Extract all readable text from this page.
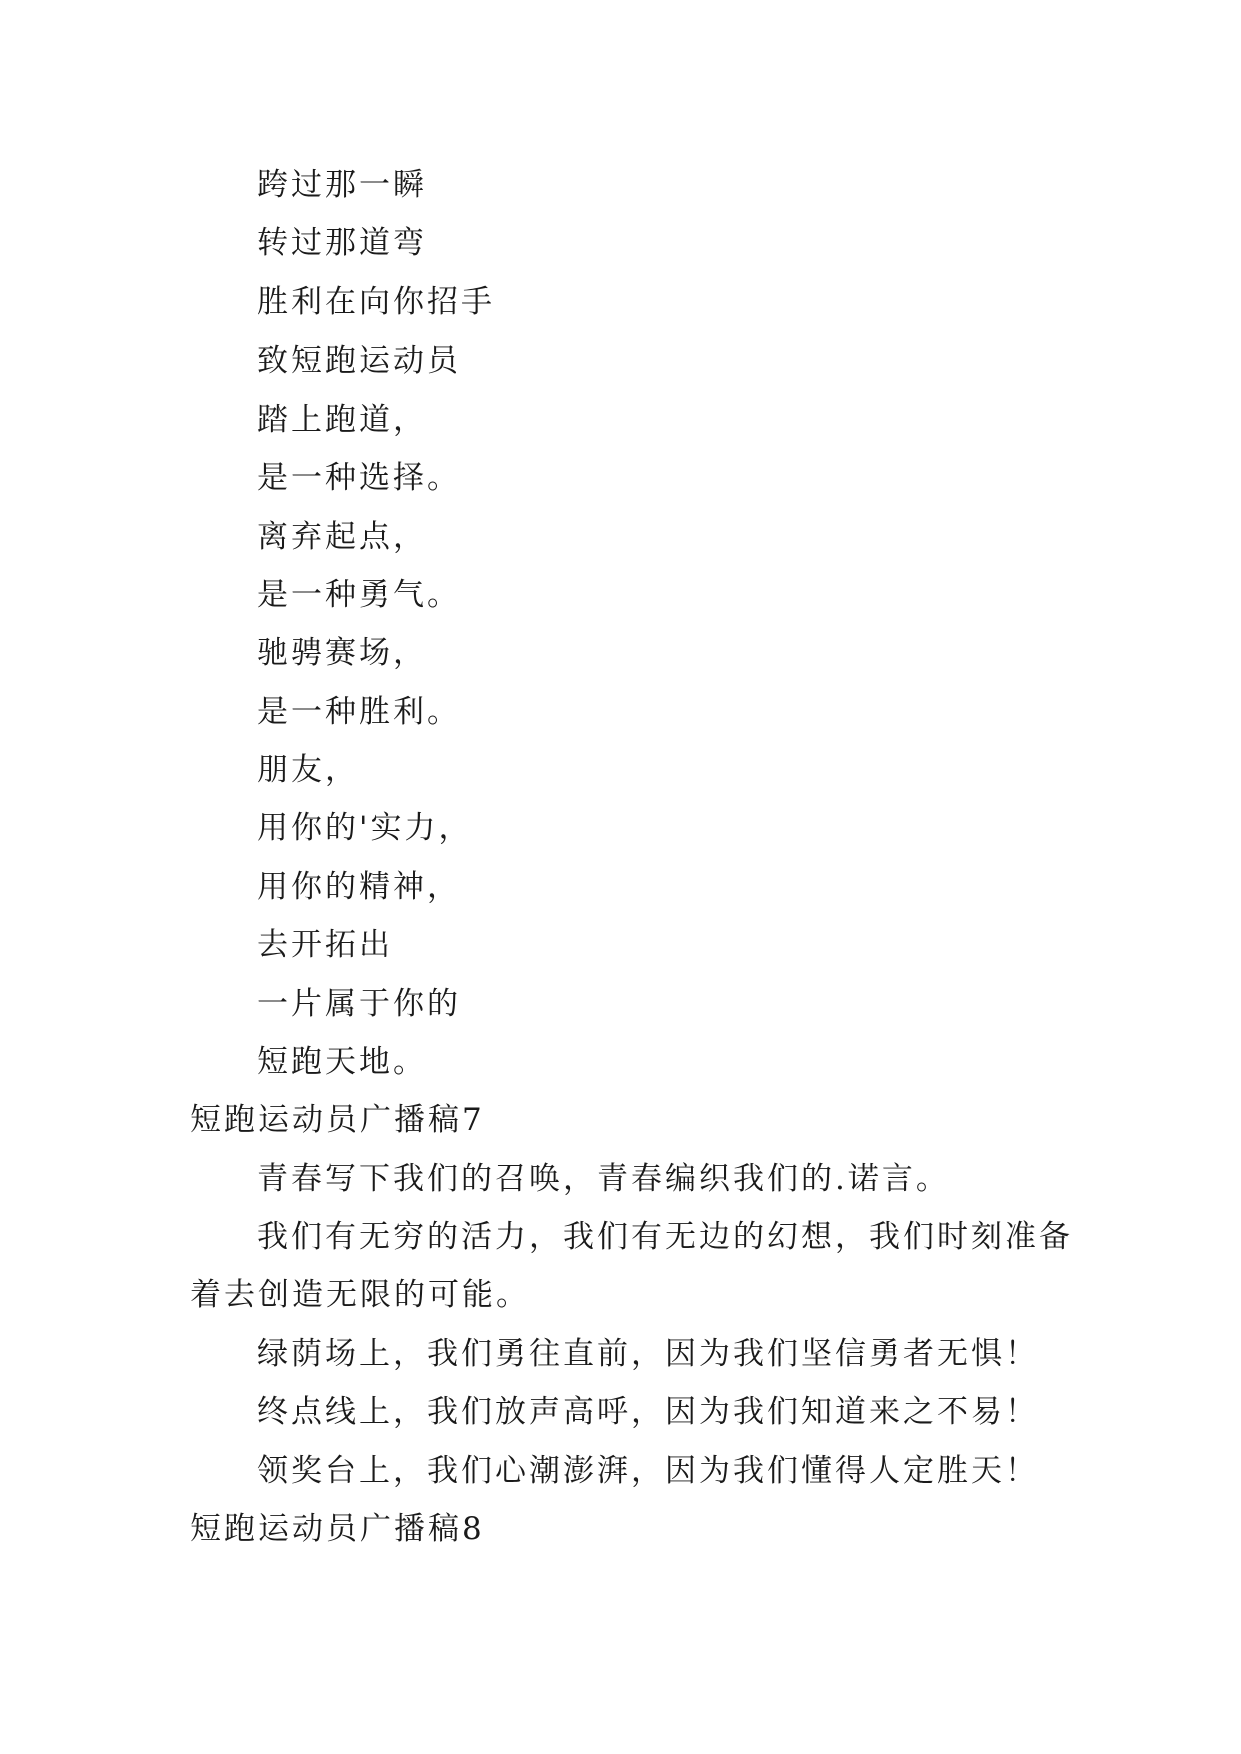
跨过那一瞬
转过那道弯
胜利在向你招手
致短跑运动员
踏上跑道，
是一种选择。
离弃起点，
是一种勇气。
驰骋赛场，
是一种胜利。
朋友，
用你的'实力，
用你的精神，
去开拓出
一片属于你的
短跑天地。
短跑运动员广播稿7
青春写下我们的召唤，青春编织我们的.诺言。
我们有无穷的活力，我们有无边的幻想，我们时刻准备
着去创造无限的可能。
绿荫场上，我们勇往直前，因为我们坚信勇者无惧！
终点线上，我们放声高呼，因为我们知道来之不易！
领奖台上，我们心潮澎湃，因为我们懂得人定胜天！
短跑运动员广播稿8
